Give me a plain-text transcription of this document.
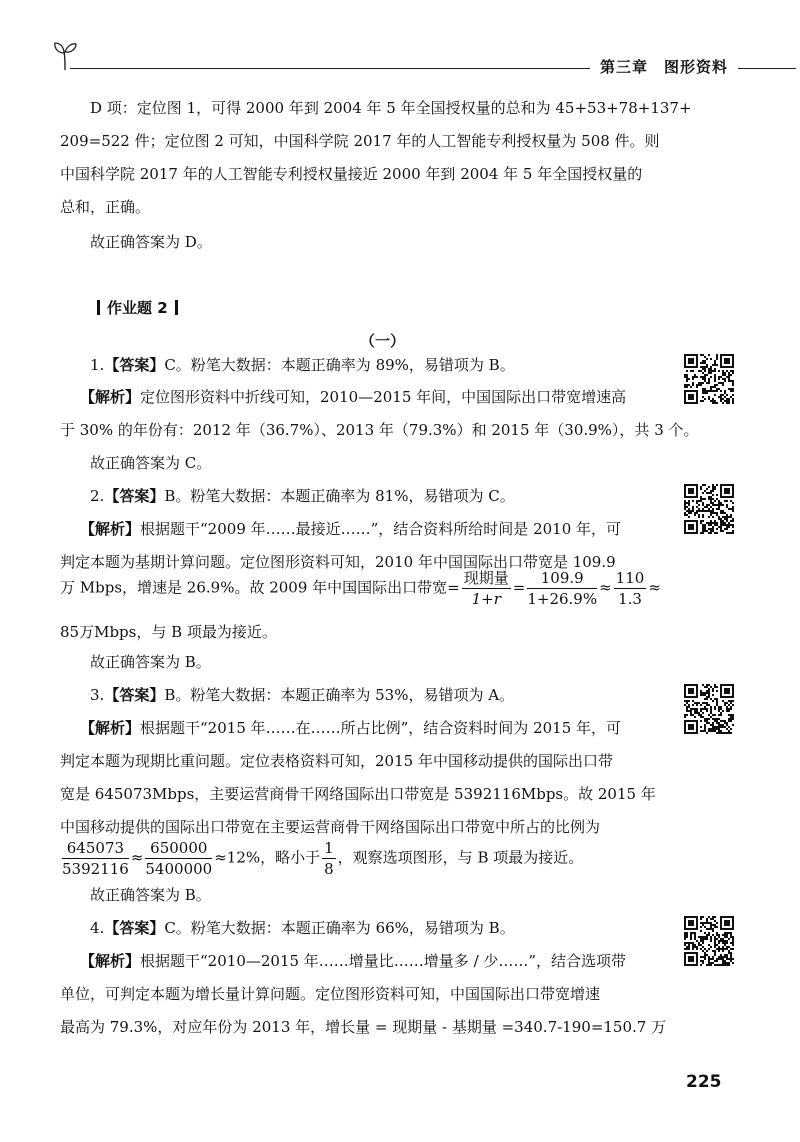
第三章　图形资料
D 项：定位图 1，可得 2000 年到 2004 年 5 年全国授权量的总和为 45+53+78+137+
209=522 件；定位图 2 可知，中国科学院 2017 年的人工智能专利授权量为 508 件。则
中国科学院 2017 年的人工智能专利授权量接近 2000 年到 2004 年 5 年全国授权量的
总和，正确。
故正确答案为 D。
作业题 2
（一）
1.【答案】C。粉笔大数据：本题正确率为 89%，易错项为 B。
【解析】定位图形资料中折线可知，2010—2015 年间，中国国际出口带宽增速高
于 30% 的年份有：2012 年（36.7%）、2013 年（79.3%）和 2015 年（30.9%），共 3 个。
故正确答案为 C。
2.【答案】B。粉笔大数据：本题正确率为 81%，易错项为 C。
【解析】根据题干“2009 年……最接近……”，结合资料所给时间是 2010 年，可
判定本题为基期计算问题。定位图形资料可知，2010 年中国国际出口带宽是 109.9
万 Mbps，增速是 26.9%。故 2009 年中国国际出口带宽= $\frac{\text{现期量}}{1+r} = \frac{109.9}{1+26.9\%} \approx \frac{110}{1.3}$ ≈
85万Mbps，与 B 项最为接近。
故正确答案为 B。
3.【答案】B。粉笔大数据：本题正确率为 53%，易错项为 A。
【解析】根据题干“2015 年……在……所占比例”，结合资料时间为 2015 年，可
判定本题为现期比重问题。定位表格资料可知，2015 年中国移动提供的国际出口带
宽是 645073Mbps，主要运营商骨干网络国际出口带宽是 5392116Mbps。故 2015 年
中国移动提供的国际出口带宽在主要运营商骨干网络国际出口带宽中所占的比例为
$\frac{645073}{5392116} \approx \frac{650000}{5400000} \approx 12\%$，略小于 $\frac{1}{8}$ ，观察选项图形，与 B 项最为接近。
故正确答案为 B。
4.【答案】C。粉笔大数据：本题正确率为 66%，易错项为 B。
【解析】根据题干“2010—2015 年……增量比……增量多 / 少……”，结合选项带
单位，可判定本题为增长量计算问题。定位图形资料可知，中国国际出口带宽增速
最高为 79.3%，对应年份为 2013 年，增长量 = 现期量 - 基期量 =340.7-190=150.7 万
225
